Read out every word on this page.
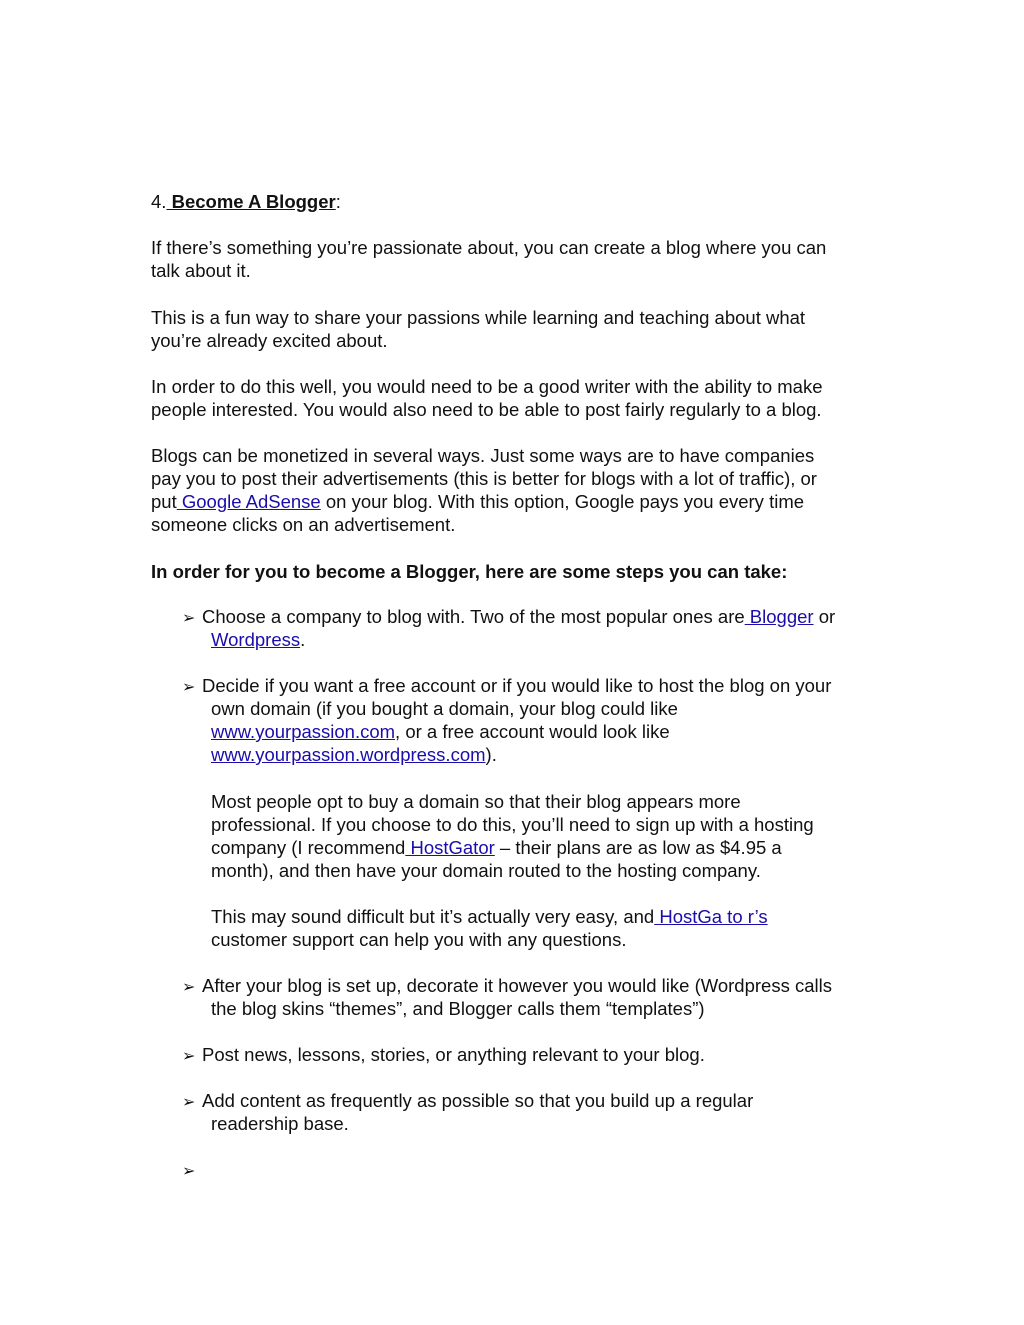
4. Become A Blogger:
If there’s something you’re passionate about, you can create a blog where you can
talk about it.
This is a fun way to share your passions while learning and teaching about what
you’re already excited about.
In order to do this well, you would need to be a good writer with the ability to make
people interested. You would also need to be able to post fairly regularly to a blog.
Blogs can be monetized in several ways. Just some ways are to have companies
pay you to post their advertisements (this is better for blogs with a lot of traffic), or
put Google AdSense on your blog. With this option, Google pays you every time
someone clicks on an advertisement.
In order for you to become a Blogger, here are some steps you can take:
➢ Choose a company to blog with. Two of the most popular ones are Blogger or
Wordpress.
➢ Decide if you want a free account or if you would like to host the blog on your
own domain (if you bought a domain, your blog could like
www.yourpassion.com, or a free account would look like
www.yourpassion.wordpress.com).
Most people opt to buy a domain so that their blog appears more
professional. If you choose to do this, you’ll need to sign up with a hosting
company (I recommend HostGator – their plans are as low as $4.95 a
month), and then have your domain routed to the hosting company.
This may sound difficult but it’s actually very easy, and HostGa to r’s
customer support can help you with any questions.
➢ After your blog is set up, decorate it however you would like (Wordpress calls
the blog skins “themes”, and Blogger calls them “templates”)
➢ Post news, lessons, stories, or anything relevant to your blog.
➢ Add content as frequently as possible so that you build up a regular
readership base.
➢
